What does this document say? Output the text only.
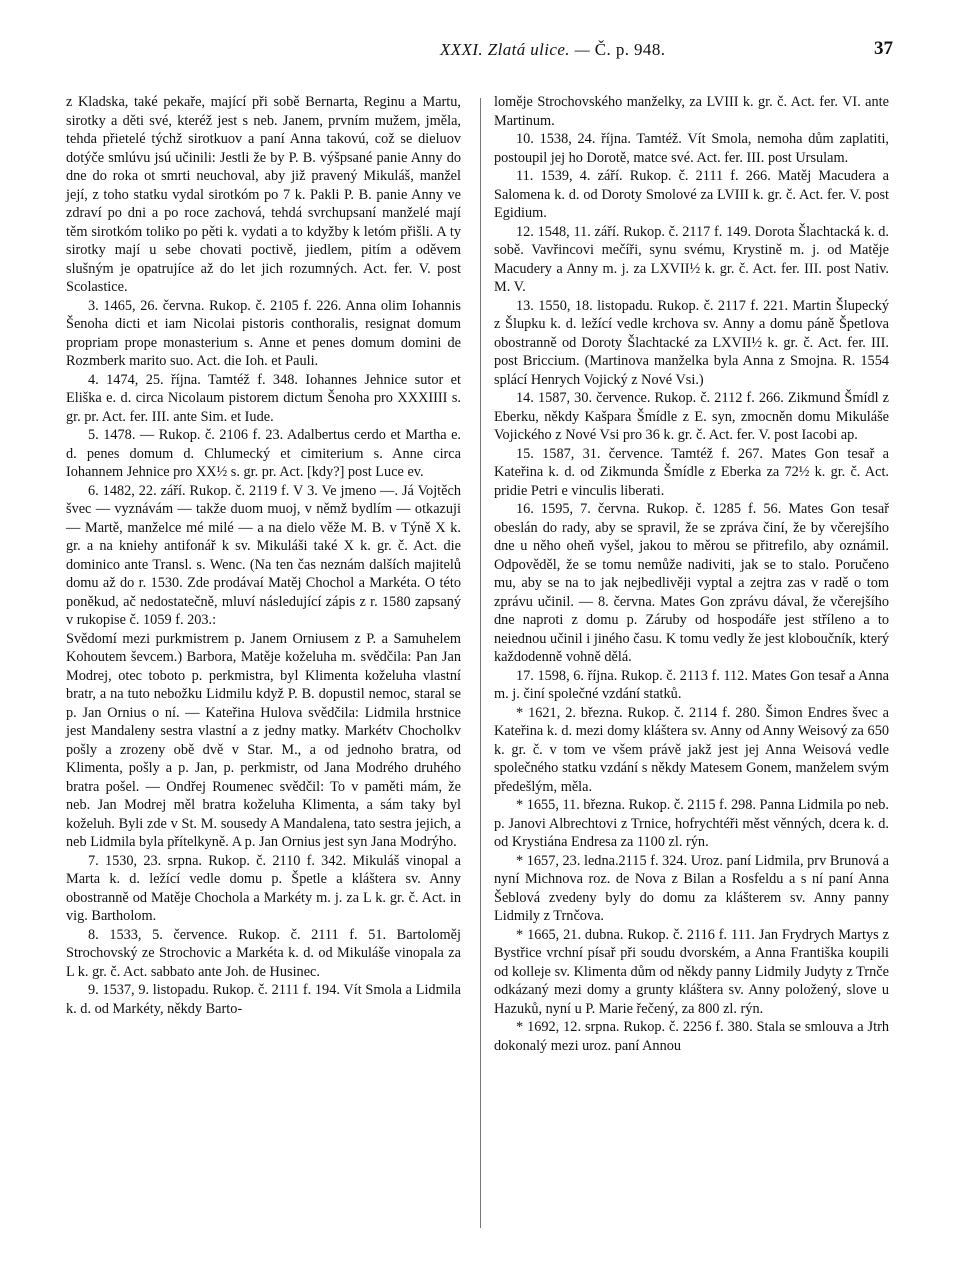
XXXI. Zlatá ulice. — Č. p. 948.	37

z Kladska, také pekaře, mající při sobě Bernarta, Reginu a Martu, sirotky a děti své, kteréž jest s neb. Janem, prvním mužem, jměla, tehda přietelé týchž sirotkuov a paní Anna takovú, což se dieluov dotýče smlúvu jsú učinili: Jestli že by P. B. výšpsané panie Anny do dne do roka ot smrti neuchoval, aby již pravený Mikuláš, manžel její, z toho statku vydal sirotkóm po 7 k. Pakli P. B. panie Anny ve zdraví po dni a po roce zachová, tehdá svrchupsaní manželé mají těm sirotkóm toliko po pěti k. vydati a to kdyžby k letóm přišli. A ty sirotky mají u sebe chovati poctivě, jiedlem, pitím a oděvem slušným je opatrujíce až do let jich rozumných. Act. fer. V. post Scolastice.

3. 1465, 26. června. Rukop. č. 2105 f. 226. Anna olim Iohannis Šenoha dicti et iam Nicolai pistoris conthoralis, resignat domum propriam prope monasterium s. Anne et penes domum domini de Rozmberk marito suo. Act. die Ioh. et Pauli.

4. 1474, 25. října. Tamtéž f. 348. Iohannes Jehnice sutor et Eliška e. d. circa Nicolaum pistorem dictum Šenoha pro XXXIIII s. gr. pr. Act. fer. III. ante Sim. et Iude.

5. 1478. — Rukop. č. 2106 f. 23. Adalbertus cerdo et Martha e. d. penes domum d. Chlumecký et cimiterium s. Anne circa Iohannem Jehnice pro XX½ s. gr. pr. Act. [kdy?] post Luce ev.

6. 1482, 22. září. Rukop. č. 2119 f. V 3. Ve jmeno —. Já Vojtěch švec — vyznávám — takže duom muoj, v němž bydlím — otkazuji — Martě, manželce mé milé — a na dielo věže M. B. v Týně X k. gr. a na kniehy antifonář k sv. Mikuláši také X k. gr. č. Act. die dominico ante Transl. s. Wenc. (Na ten čas neznám dalších majitelů domu až do r. 1530. Zde prodávaí Matěj Chochol a Markéta. O této poněkud, ač nedostatečně, mluví následující zápis z r. 1580 zapsaný v rukopise č. 1059 f. 203.:

Svědomí mezi purkmistrem p. Janem Orniusem z P. a Samuhelem Kohoutem ševcem.) Barbora, Matěje koželuha m. svědčila: Pan Jan Modrej, otec toboto p. perkmistra, byl Klimenta koželuha vlastní bratr, a na tuto nebožku Lidmilu když P. B. dopustil nemoc, staral se p. Jan Ornius o ní. — Kateřina Hulova svědčila: Lidmila hrstnice jest Mandaleny sestra vlastní a z jedny matky. Markétv Chocholkv pošly a zrozeny obě dvě v Star. M., a od jednoho bratra, od Klimenta, pošly a p. Jan, p. perkmistr, od Jana Modrého druhého bratra pošel. — Ondřej Roumenec svědčil: To v paměti mám, že neb. Jan Modrej měl bratra koželuha Klimenta, a sám taky byl koželuh. Byli zde v St. M. sousedy A Mandalena, tato sestra jejich, a neb Lidmila byla přítelkyně. A p. Jan Ornius jest syn Jana Modrýho.

7. 1530, 23. srpna. Rukop. č. 2110 f. 342. Mikuláš vinopal a Marta k. d. ležící vedle domu p. Špetle a kláštera sv. Anny obostranně od Matěje Chochola a Markéty m. j. za L k. gr. č. Act. in vig. Bartholom.

8. 1533, 5. července. Rukop. č. 2111 f. 51. Bartoloměj Strochovský ze Strochovic a Markéta k. d. od Mikuláše vinopala za L k. gr. č. Act. sabbato ante Joh. de Husinec.

9. 1537, 9. listopadu. Rukop. č. 2111 f. 194. Vít Smola a Lidmila k. d. od Markéty, někdy Barto-

loměje Strochovského manželky, za LVIII k. gr. č. Act. fer. VI. ante Martinum.

10. 1538, 24. října. Tamtéž. Vít Smola, nemoha dům zaplatiti, postoupil jej ho Dorotě, matce své. Act. fer. III. post Ursulam.

11. 1539, 4. září. Rukop. č. 2111 f. 266. Matěj Macudera a Salomena k. d. od Doroty Smolové za LVIII k. gr. č. Act. fer. V. post Egidium.

12. 1548, 11. září. Rukop. č. 2117 f. 149. Dorota Šlachtacká k. d. sobě. Vavřincovi mečíři, synu svému, Krystině m. j. od Matěje Macudery a Anny m. j. za LXVII½ k. gr. č. Act. fer. III. post Nativ. M. V.

13. 1550, 18. listopadu. Rukop. č. 2117 f. 221. Martin Šlupecký z Šlupku k. d. ležící vedle krchova sv. Anny a domu páně Špetlova obostranně od Doroty Šlachtacké za LXVII½ k. gr. č. Act. fer. III. post Briccium. (Martinova manželka byla Anna z Smojna. R. 1554 splácí Henrych Vojický z Nové Vsi.)

14. 1587, 30. července. Rukop. č. 2112 f. 266. Zikmund Šmídl z Eberku, někdy Kašpara Šmídle z E. syn, zmocněn domu Mikuláše Vojického z Nové Vsi pro 36 k. gr. č. Act. fer. V. post Iacobi ap.

15. 1587, 31. července. Tamtéž f. 267. Mates Gon tesař a Kateřina k. d. od Zikmunda Šmídle z Eberka za 72½ k. gr. č. Act. pridie Petri e vinculis liberati.

16. 1595, 7. června. Rukop. č. 1285 f. 56. Mates Gon tesař obeslán do rady, aby se spravil, že se zpráva činí, že by včerejšího dne u něho oheň vyšel, jakou to měrou se přitrefilo, aby oznámil. Odpověděl, že se tomu nemůže nadiviti, jak se to stalo. Poručeno mu, aby se na to jak nejbedlivěji vyptal a zejtra zas v radě o tom zprávu učinil. — 8. června. Mates Gon zprávu dával, že včerejšího dne naproti z domu p. Záruby od hospodáře jest stříleno a to neiednou učinil i jiného času. K tomu vedly že jest kloboučník, který každodenně vohně dělá.

17. 1598, 6. října. Rukop. č. 2113 f. 112. Mates Gon tesař a Anna m. j. činí společné vzdání statků.

* 1621, 2. března. Rukop. č. 2114 f. 280. Šimon Endres švec a Kateřina k. d. mezi domy kláštera sv. Anny od Anny Weisový za 650 k. gr. č. v tom ve všem právě jakž jest jej Anna Weisová vedle společného statku vzdání s někdy Matesem Gonem, manželem svým předešlým, měla.

* 1655, 11. března. Rukop. č. 2115 f. 298. Panna Lidmila po neb. p. Janovi Albrechtovi z Trnice, hofrychtéři měst věnných, dcera k. d. od Krystiána Endresa za 1100 zl. rýn.

* 1657, 23. ledna.2115 f. 324. Uroz. paní Lidmila, prv Brunová a nyní Michnova roz. de Nova z Bilan a Rosfeldu a s ní paní Anna Šeblová zvedeny byly do domu za klášterem sv. Anny panny Lidmily z Trnčova.

* 1665, 21. dubna. Rukop. č. 2116 f. 111. Jan Frydrych Martys z Bystřice vrchní písař při soudu dvorském, a Anna Františka koupili od kolleje sv. Klimenta dům od někdy panny Lidmily Judyty z Trnče odkázaný mezi domy a grunty kláštera sv. Anny položený, slove u Hazuků, nyní u P. Marie řečený, za 800 zl. rýn.

* 1692, 12. srpna. Rukop. č. 2256 f. 380. Stala se smlouva a Jtrh dokonalý mezi uroz. paní Annou
